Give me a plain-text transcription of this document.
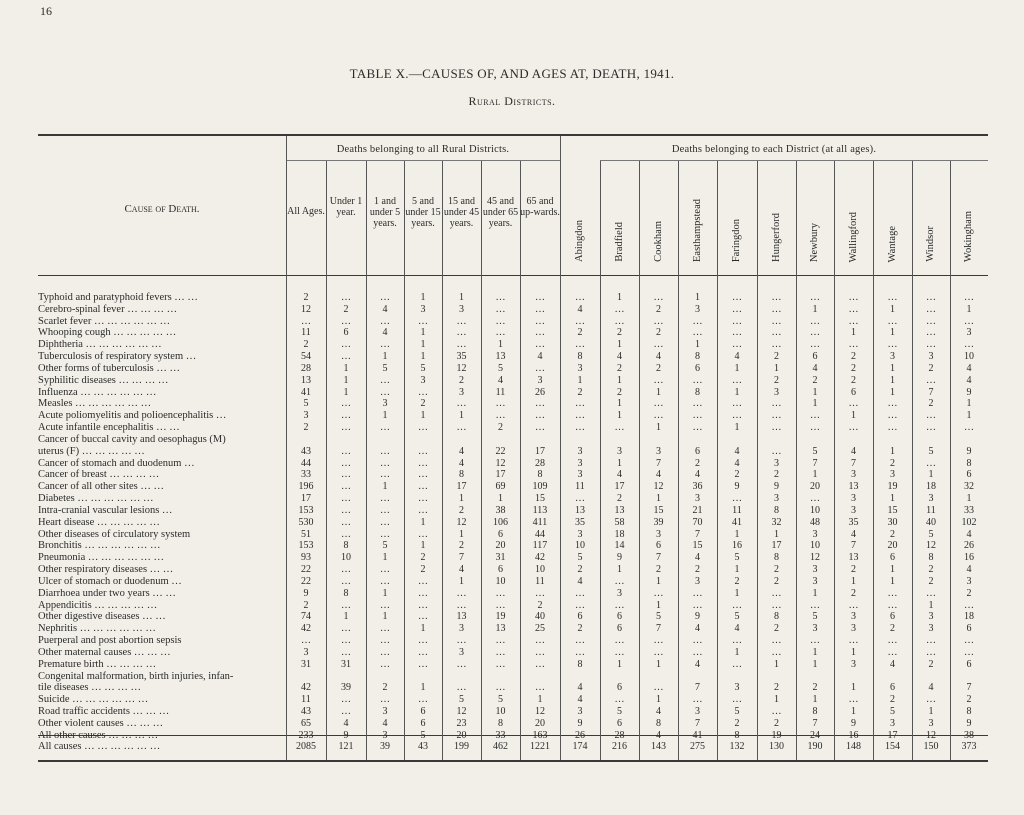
16
TABLE X.—CAUSES OF, AND AGES AT, DEATH, 1941.
Rural Districts.
Deaths belonging to all Rural Districts.	Deaths belonging to each District (at all ages).
Cause of Death.	All Ages.
Under 1 year.
1 and under 5 years.
5 and under 15 years.
15 and under 45 years.
45 and under 65 years.
65 and up-wards.
Abingdon	Bradfield	Cookham	Easthampstead	Faringdon	Hungerford	Newbury	Wallingford	Wantage	Windsor	Wokingham
Typhoid and paratyphoid fevers … …	2	…	…	1	1	…	…	…	1	…	1	…	…	…	…	…	…	…
Cerebro-spinal fever … … … …	12	2	4	3	3	…	…	4	…	2	3	…	…	1	…	1	…	1
Scarlet fever … … … … … …	…	…	…	…	…	…	…	…	…	…	…	…	…	…	…	…	…	…
Whooping cough … … … … …	11	6	4	1	…	…	…	2	2	2	…	…	…	…	1	1	…	3
Diphtheria … … … … … …	2	…	…	1	…	1	…	…	1	…	1	…	…	…	…	…	…	…
Tuberculosis of respiratory system …	54	…	1	1	35	13	4	8	4	4	8	4	2	6	2	3	3	10
Other forms of tuberculosis … …	28	1	5	5	12	5	…	3	2	2	6	1	1	4	2	1	2	4
Syphilitic diseases … … … …	13	1	…	3	2	4	3	1	1	…	…	…	2	2	2	1	…	4
Influenza … … … … … …	41	1	…	…	3	11	26	2	2	1	8	1	3	1	6	1	7	9
Measles … … … … … …	5	…	3	2	…	…	…	…	1	…	…	…	…	1	…	…	2	1
Acute poliomyelitis and polioencephalitis …	3	…	1	1	1	…	…	…	1	…	…	…	…	…	1	…	…	1
Acute infantile encephalitis … …	2	…	…	…	…	2	…	…	…	1	…	1	…	…	…	…	…	…
Cancer of buccal cavity and oesophagus (M)
uterus (F) … … … … …	43	…	…	…	4	22	17	3	3	3	6	4	…	5	4	1	5	9
Cancer of stomach and duodenum …	44	…	…	…	4	12	28	3	1	7	2	4	3	7	7	2	…	8
Cancer of breast … … … …	33	…	…	…	8	17	8	3	4	4	4	2	2	1	3	3	1	6
Cancer of all other sites … …	196	…	1	…	17	69	109	11	17	12	36	9	9	20	13	19	18	32
Diabetes … … … … … …	17	…	…	…	1	1	15	…	2	1	3	…	3	…	3	1	3	1
Intra-cranial vascular lesions …	153	…	…	…	2	38	113	13	13	15	21	11	8	10	3	15	11	33
Heart disease … … … … …	530	…	…	1	12	106	411	35	58	39	70	41	32	48	35	30	40	102
Other diseases of circulatory system	51	…	…	…	1	6	44	3	18	3	7	1	1	3	4	2	5	4
Bronchitis … … … … … …	153	8	5	1	2	20	117	10	14	6	15	16	17	10	7	20	12	26
Pneumonia … … … … … …	93	10	1	2	7	31	42	5	9	7	4	5	8	12	13	6	8	16
Other respiratory diseases … …	22	…	…	2	4	6	10	2	1	2	2	1	2	3	2	1	2	4
Ulcer of stomach or duodenum …	22	…	…	…	1	10	11	4	…	1	3	2	2	3	1	1	2	3
Diarrhoea under two years … …	9	8	1	…	…	…	…	…	3	…	…	1	…	1	2	…	…	2
Appendicitis … … … … …	2	…	…	…	…	…	2	…	…	1	…	…	…	…	…	…	1	…
Other digestive diseases … …	74	1	1	…	13	19	40	6	6	5	9	5	8	5	3	6	3	18
Nephritis … … … … … …	42	…	…	1	3	13	25	2	6	7	4	4	2	3	3	2	3	6
Puerperal and post abortion sepsis	…	…	…	…	…	…	…	…	…	…	…	…	…	…	…	…	…	…
Other maternal causes … … …	3	…	…	…	3	…	…	…	…	…	…	1	…	1	1	…	…	…
Premature birth … … … …	31	31	…	…	…	…	…	8	1	1	4	…	1	1	3	4	2	6
Congenital malformation, birth injuries, infan-
tile diseases … … … …	42	39	2	1	…	…	…	4	6	…	7	3	2	2	1	6	4	7
Suicide … … … … … …	11	…	…	…	5	5	1	4	…	1	…	…	1	1	…	2	…	2
Road traffic accidents … … …	43	…	3	6	12	10	12	3	5	4	3	5	…	8	1	5	1	8
Other violent causes … … …	65	4	4	6	23	8	20	9	6	8	7	2	2	7	9	3	3	9
All other causes … … … …	233	9	3	5	20	33	163	26	28	4	41	8	19	24	16	17	12	38
All causes … … … … … …	2085	121	39	43	199	462	1221	174	216	143	275	132	130	190	148	154	150	373
